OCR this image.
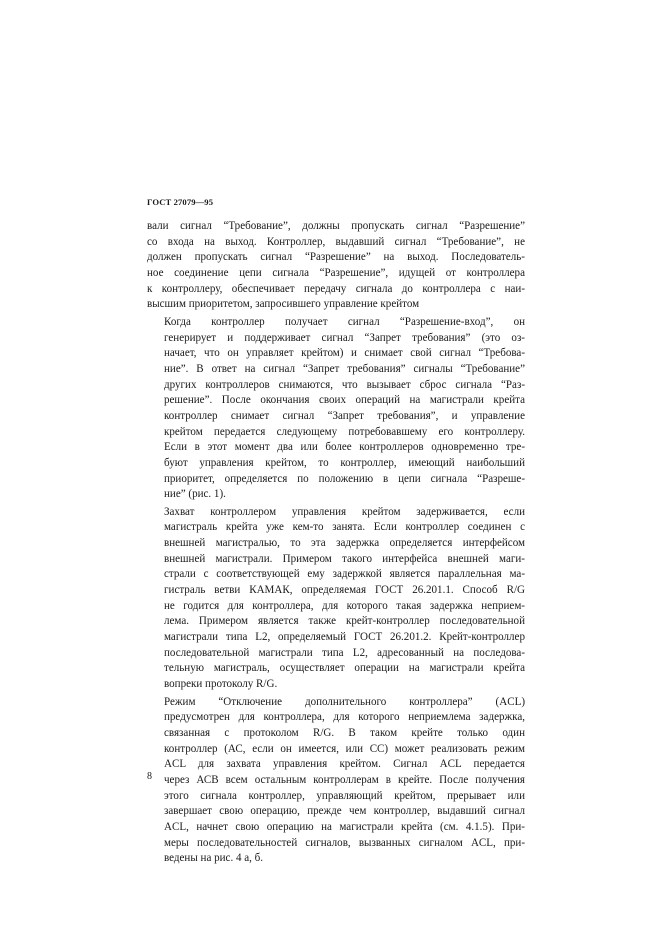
ГОСТ 27079—95

вали сигнал “Требование”, должны пропускать сигнал “Разрешение”
со входа на выход. Контроллер, выдавший сигнал “Требование”, не
должен пропускать сигнал “Разрешение” на выход. Последователь-
ное соединение цепи сигнала “Разрешение”, идущей от контроллера
к контроллеру, обеспечивает передачу сигнала до контроллера с наи-
высшим приоритетом, запросившего управление крейтом

Когда контроллер получает сигнал “Разрешение-вход”, он
генерирует и поддерживает сигнал “Запрет требования” (это оз-
начает, что он управляет крейтом) и снимает свой сигнал “Требова-
ние”. В ответ на сигнал “Запрет требования” сигналы “Требование”
других контроллеров снимаются, что вызывает сброс сигнала “Раз-
решение”. После окончания своих операций на магистрали крейта
контроллер снимает сигнал “Запрет требования”, и управление
крейтом передается следующему потребовавшему его контроллеру.
Если в этот момент два или более контроллеров одновременно тре-
буют управления крейтом, то контроллер, имеющий наибольший
приоритет, определяется по положению в цепи сигнала “Разреше-
ние” (рис. 1).

Захват контроллером управления крейтом задерживается, если
магистраль крейта уже кем-то занята. Если контроллер соединен с
внешней магистралью, то эта задержка определяется интерфейсом
внешней магистрали. Примером такого интерфейса внешней маги-
страли с соответствующей ему задержкой является параллельная ма-
гистраль ветви КАМАК, определяемая ГОСТ 26.201.1. Способ R/G
не годится для контроллера, для которого такая задержка неприем-
лема. Примером является также крейт-контроллер последовательной
магистрали типа L2, определяемый ГОСТ 26.201.2. Крейт-контроллер
последовательной магистрали типа L2, адресованный на последова-
тельную магистраль, осуществляет операции на магистрали крейта
вопреки протоколу R/G.

Режим “Отключение дополнительного контроллера” (ACL)
предусмотрен для контроллера, для которого неприемлема задержка,
связанная с протоколом R/G. В таком крейте только один
контроллер (АС, если он имеется, или СС) может реализовать режим
ACL для захвата управления крейтом. Сигнал ACL передается
через АСВ всем остальным контроллерам в крейте. После получения
этого сигнала контроллер, управляющий крейтом, прерывает или
завершает свою операцию, прежде чем контроллер, выдавший сигнал
ACL, начнет свою операцию на магистрали крейта (см. 4.1.5). При-
меры последовательностей сигналов, вызванных сигналом ACL, при-
ведены на рис. 4 а, б.

8
